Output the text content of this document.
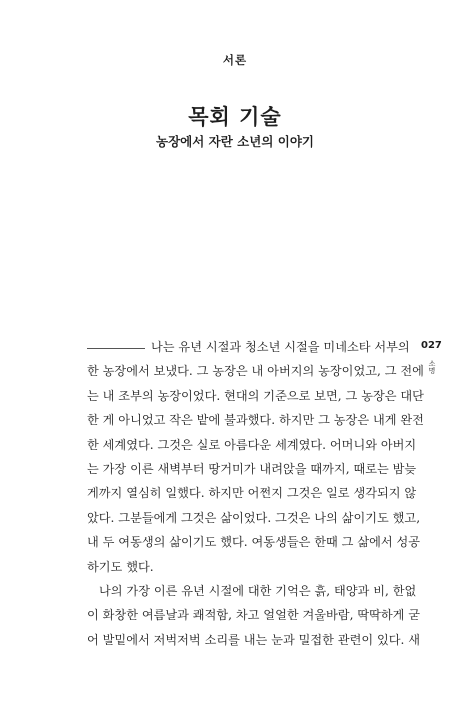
서론
목회 기술
농장에서 자란 소년의 이야기
027
소명
나는 유년 시절과 청소년 시절을 미네소타 서부의
한 농장에서 보냈다. 그 농장은 내 아버지의 농장이었고, 그 전에
는 내 조부의 농장이었다. 현대의 기준으로 보면, 그 농장은 대단
한 게 아니었고 작은 밭에 불과했다. 하지만 그 농장은 내게 완전
한 세계였다. 그것은 실로 아름다운 세계였다. 어머니와 아버지
는 가장 이른 새벽부터 땅거미가 내려앉을 때까지, 때로는 밤늦
게까지 열심히 일했다. 하지만 어쩐지 그것은 일로 생각되지 않
았다. 그분들에게 그것은 삶이었다. 그것은 나의 삶이기도 했고,
내 두 여동생의 삶이기도 했다. 여동생들은 한때 그 삶에서 성공
하기도 했다.
나의 가장 이른 유년 시절에 대한 기억은 흙, 태양과 비, 한없
이 화창한 여름날과 쾌적함, 차고 얼얼한 겨울바람, 딱딱하게 굳
어 발밑에서 저벅저벅 소리를 내는 눈과 밀접한 관련이 있다. 새
